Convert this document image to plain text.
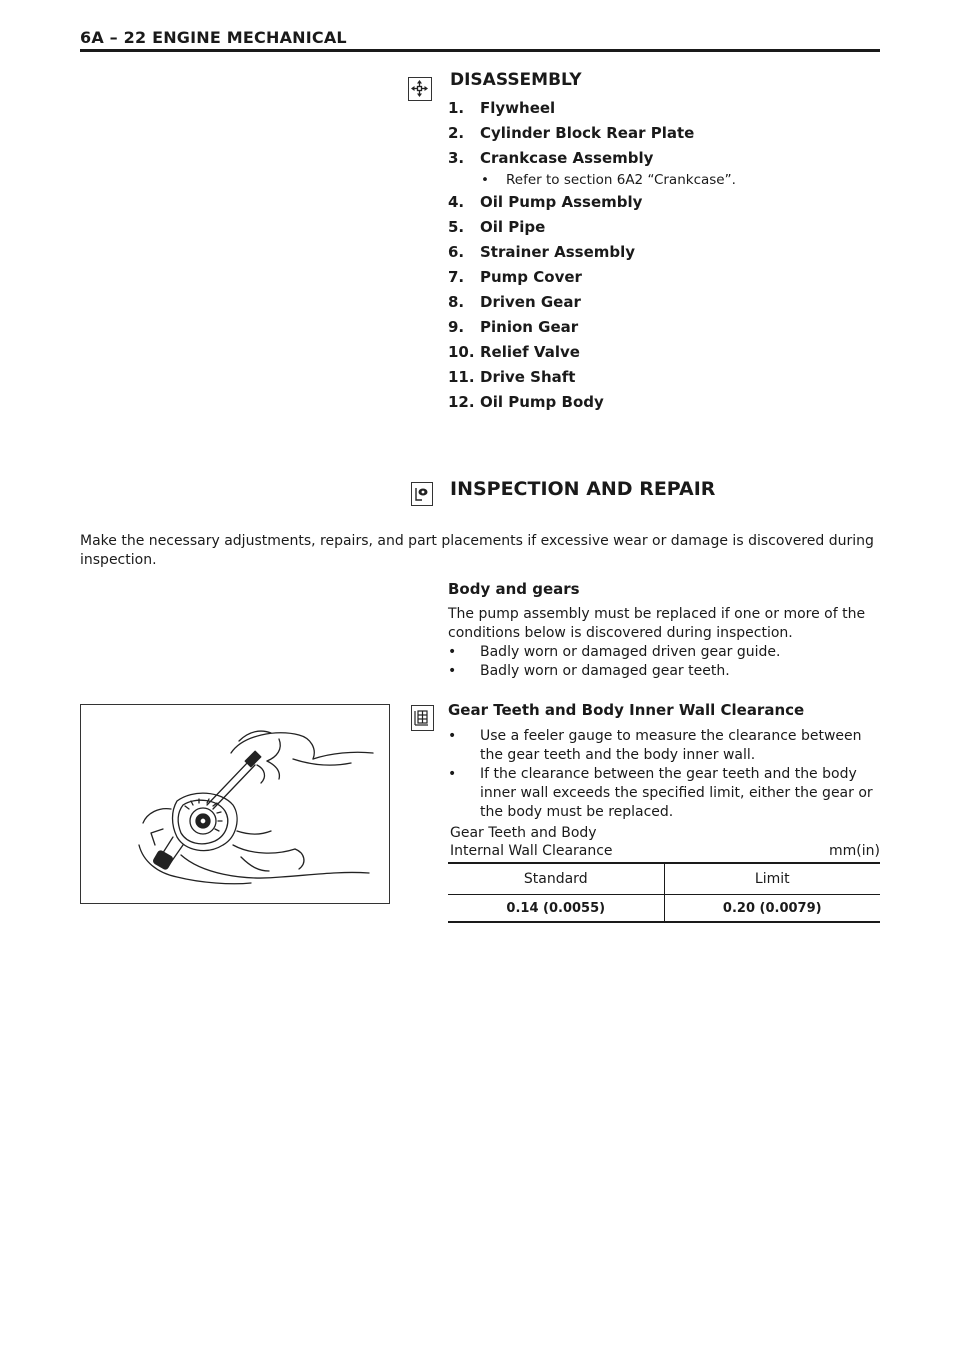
6A – 22 ENGINE MECHANICAL
DISASSEMBLY
1. Flywheel
2. Cylinder Block Rear Plate
3. Crankcase Assembly
• Refer to section 6A2 “Crankcase”.
4. Oil Pump Assembly
5. Oil Pipe
6. Strainer Assembly
7. Pump Cover
8. Driven Gear
9. Pinion Gear
10. Relief Valve
11. Drive Shaft
12. Oil Pump Body
INSPECTION AND REPAIR
Make the necessary adjustments, repairs, and part placements if excessive wear or damage is discovered during inspection.
Body and gears
The pump assembly must be replaced if one or more of the conditions below is discovered during inspection.
•	Badly worn or damaged driven gear guide.
•	Badly worn or damaged gear teeth.
Gear Teeth and Body Inner Wall Clearance
•	Use a feeler gauge to measure the clearance between the gear teeth and the body inner wall.
•	If the clearance between the gear teeth and the body inner wall exceeds the specified limit, either the gear or the body must be replaced.
Gear Teeth and Body
Internal Wall Clearance	mm(in)
Standard	Limit
0.14 (0.0055)	0.20 (0.0079)
